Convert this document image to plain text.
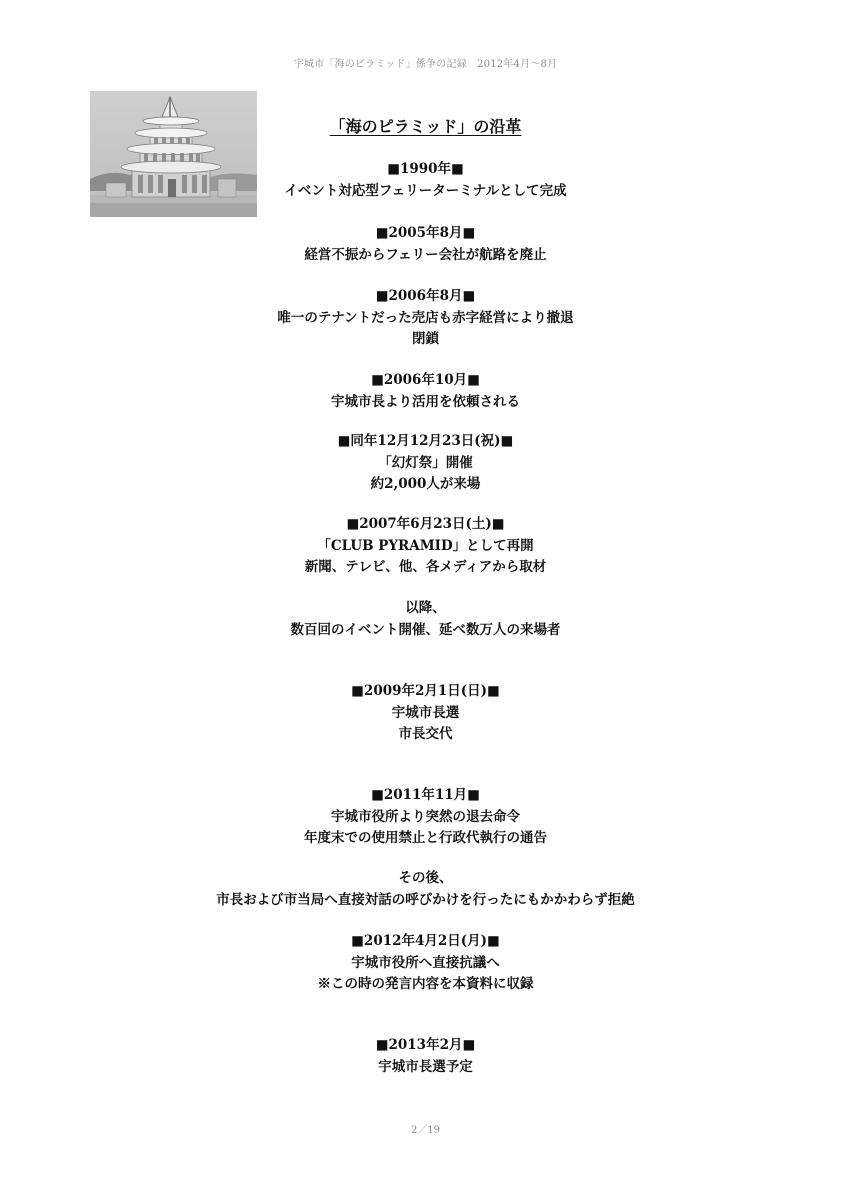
宇城市「海のピラミッド」係争の記録　2012年4月〜8月
「海のピラミッド」の沿革
■1990年■
イベント対応型フェリーターミナルとして完成
■2005年8月■
経営不振からフェリー会社が航路を廃止
■2006年8月■
唯一のテナントだった売店も赤字経営により撤退
閉鎖
■2006年10月■
宇城市長より活用を依頼される
■同年12月12月23日(祝)■
「幻灯祭」開催
約2,000人が来場
■2007年6月23日(土)■
「CLUB PYRAMID」として再開
新聞、テレビ、他、各メディアから取材
以降、
数百回のイベント開催、延べ数万人の来場者
■2009年2月1日(日)■
宇城市長選
市長交代
■2011年11月■
宇城市役所より突然の退去命令
年度末での使用禁止と行政代執行の通告
その後、
市長および市当局へ直接対話の呼びかけを行ったにもかかわらず拒絶
■2012年4月2日(月)■
宇城市役所へ直接抗議へ
※この時の発言内容を本資料に収録
■2013年2月■
宇城市長選予定
2／19
